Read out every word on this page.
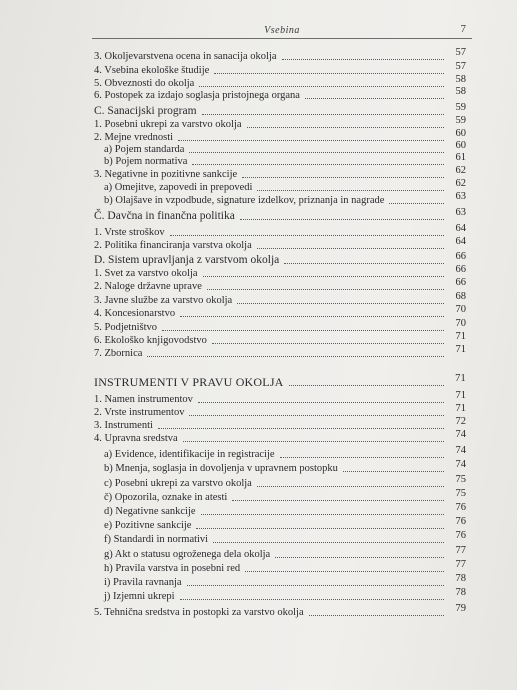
Vsebina	7
3. Okoljevarstvena ocena in sanacija okolja	57
4. Vsebina ekološke študije	57
5. Obveznosti do okolja	58
6. Postopek za izdajo soglasja pristojnega organa	58
C. Sanacijski program	59
1. Posebni ukrepi za varstvo okolja	59
2. Mejne vrednosti	60
a) Pojem standarda	60
b) Pojem normativa	61
3. Negativne in pozitivne sankcije	62
a) Omejitve, zapovedi in prepovedi	62
b) Olajšave in vzpodbude, signature izdelkov, priznanja in nagrade	63
Č. Davčna in finančna politika	63
1. Vrste stroškov	64
2. Politika financiranja varstva okolja	64
D. Sistem upravljanja z varstvom okolja	66
1. Svet za varstvo okolja	66
2. Naloge državne uprave	66
3. Javne službe za varstvo okolja	68
4. Koncesionarstvo	70
5. Podjetništvo	70
6. Ekološko knjigovodstvo	71
7. Zbornica	71
INSTRUMENTI V PRAVU OKOLJA	71
1. Namen instrumentov	71
2. Vrste instrumentov	71
3. Instrumenti	72
4. Upravna sredstva	74
a) Evidence, identifikacije in registracije	74
b) Mnenja, soglasja in dovoljenja v upravnem postopku	74
c) Posebni ukrepi za varstvo okolja	75
č) Opozorila, oznake in atesti	75
d) Negativne sankcije	76
e) Pozitivne sankcije	76
f) Standardi in normativi	76
g) Akt o statusu ogroženega dela okolja	77
h) Pravila varstva in posebni red	77
i) Pravila ravnanja	78
j) Izjemni ukrepi	78
5. Tehnična sredstva in postopki za varstvo okolja	79
